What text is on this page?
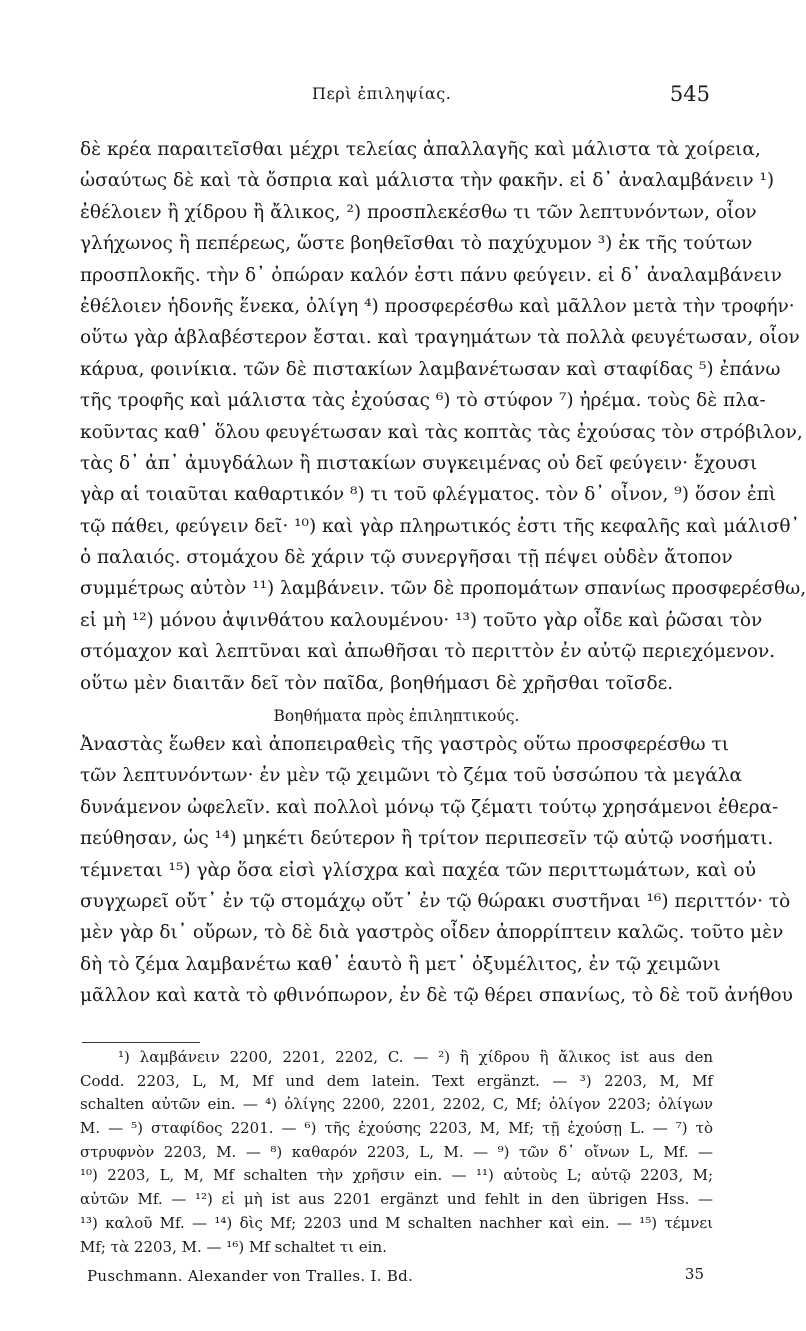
Περὶ ἐπιληψίας.	545
δὲ κρέα παραιτεῖσθαι μέχρι τελείας ἀπαλλαγῆς καὶ μάλιστα τὰ χοίρεια,
ὡσαύτως δὲ καὶ τὰ ὄσπρια καὶ μάλιστα τὴν φακῆν. εἰ δ᾽ ἀναλαμβάνειν ¹)
ἐθέλοιεν ἢ χίδρου ἢ ἄλικος, ²) προσπλεκέσθω τι τῶν λεπτυνόντων, οἷον
γλήχωνος ἢ πεπέρεως, ὥστε βοηθεῖσθαι τὸ παχύχυμον ³) ἐκ τῆς τούτων
προσπλοκῆς. τὴν δ᾽ ὀπώραν καλόν ἐστι πάνυ φεύγειν. εἰ δ᾽ ἀναλαμβάνειν
ἐθέλοιεν ἡδονῆς ἕνεκα, ὀλίγη ⁴) προσφερέσθω καὶ μᾶλλον μετὰ τὴν τροφήν·
οὕτω γὰρ ἀβλαβέστερον ἔσται. καὶ τραγημάτων τὰ πολλὰ φευγέτωσαν, οἷον
κάρυα, φοινίκια. τῶν δὲ πιστακίων λαμβανέτωσαν καὶ σταφίδας ⁵) ἐπάνω
τῆς τροφῆς καὶ μάλιστα τὰς ἐχούσας ⁶) τὸ στύφον ⁷) ἠρέμα. τοὺς δὲ πλα-
κοῦντας καθ᾽ ὅλου φευγέτωσαν καὶ τὰς κοπτὰς τὰς ἐχούσας τὸν στρόβιλον,
τὰς δ᾽ ἀπ᾽ ἀμυγδάλων ἢ πιστακίων συγκειμένας οὐ δεῖ φεύγειν· ἔχουσι
γὰρ αἱ τοιαῦται καθαρτικόν ⁸) τι τοῦ φλέγματος. τὸν δ᾽ οἶνον, ⁹) ὅσον ἐπὶ
τῷ πάθει, φεύγειν δεῖ· ¹⁰) καὶ γὰρ πληρωτικός ἐστι τῆς κεφαλῆς καὶ μάλισθ᾽
ὁ παλαιός. στομάχου δὲ χάριν τῷ συνεργῆσαι τῇ πέψει οὐδὲν ἄτοπον
συμμέτρως αὐτὸν ¹¹) λαμβάνειν. τῶν δὲ προπομάτων σπανίως προσφερέσθω,
εἰ μὴ ¹²) μόνου ἀψινθάτου καλουμένου· ¹³) τοῦτο γὰρ οἶδε καὶ ῥῶσαι τὸν
στόμαχον καὶ λεπτῦναι καὶ ἀπωθῆσαι τὸ περιττὸν ἐν αὐτῷ περιεχόμενον.
οὕτω μὲν διαιτᾶν δεῖ τὸν παῖδα, βοηθήμασι δὲ χρῆσθαι τοῖσδε.
Βοηθήματα πρὸς ἐπιληπτικούς.
Ἀναστὰς ἕωθεν καὶ ἀποπειραθεὶς τῆς γαστρὸς οὕτω προσφερέσθω τι
τῶν λεπτυνόντων· ἐν μὲν τῷ χειμῶνι τὸ ζέμα τοῦ ὑσσώπου τὰ μεγάλα
δυνάμενον ὠφελεῖν. καὶ πολλοὶ μόνῳ τῷ ζέματι τούτῳ χρησάμενοι ἐθερα-
πεύθησαν, ὡς ¹⁴) μηκέτι δεύτερον ἢ τρίτον περιπεσεῖν τῷ αὐτῷ νοσήματι.
τέμνεται ¹⁵) γὰρ ὅσα εἰσὶ γλίσχρα καὶ παχέα τῶν περιττωμάτων, καὶ οὐ
συγχωρεῖ οὔτ᾽ ἐν τῷ στομάχῳ οὔτ᾽ ἐν τῷ θώρακι συστῆναι ¹⁶) περιττόν· τὸ
μὲν γὰρ δι᾽ οὔρων, τὸ δὲ διὰ γαστρὸς οἶδεν ἀπορρίπτειν καλῶς. τοῦτο μὲν
δὴ τὸ ζέμα λαμβανέτω καθ᾽ ἑαυτὸ ἢ μετ᾽ ὀξυμέλιτος, ἐν τῷ χειμῶνι
μᾶλλον καὶ κατὰ τὸ φθινόπωρον, ἐν δὲ τῷ θέρει σπανίως, τὸ δὲ τοῦ ἀνήθου
¹) λαμβάνειν 2200, 2201, 2202, C. — ²) ἢ χίδρου ἢ ἄλικος ist aus den
Codd. 2203, L, M, Mf und dem latein. Text ergänzt. — ³) 2203, M, Mf
schalten αὐτῶν ein. — ⁴) ὀλίγης 2200, 2201, 2202, C, Mf; ὀλίγον 2203; ὀλίγων
M. — ⁵) σταφίδος 2201. — ⁶) τῆς ἐχούσης 2203, M, Mf; τῇ ἐχούσῃ L. — ⁷) τὸ
στρυφνὸν 2203, M. — ⁸) καθαρόν 2203, L, M. — ⁹) τῶν δ᾽ οἴνων L, Mf. —
¹⁰) 2203, L, M, Mf schalten τὴν χρῆσιν ein. — ¹¹) αὐτοὺς L; αὐτῷ 2203, M;
αὐτῶν Mf. — ¹²) εἰ μὴ ist aus 2201 ergänzt und fehlt in den übrigen Hss. —
¹³) καλοῦ Mf. — ¹⁴) δὶς Mf; 2203 und M schalten nachher καὶ ein. — ¹⁵) τέμνει
Mf; τὰ 2203, M. — ¹⁶) Mf schaltet τι ein.
Puschmann. Alexander von Tralles. I. Bd.	35
